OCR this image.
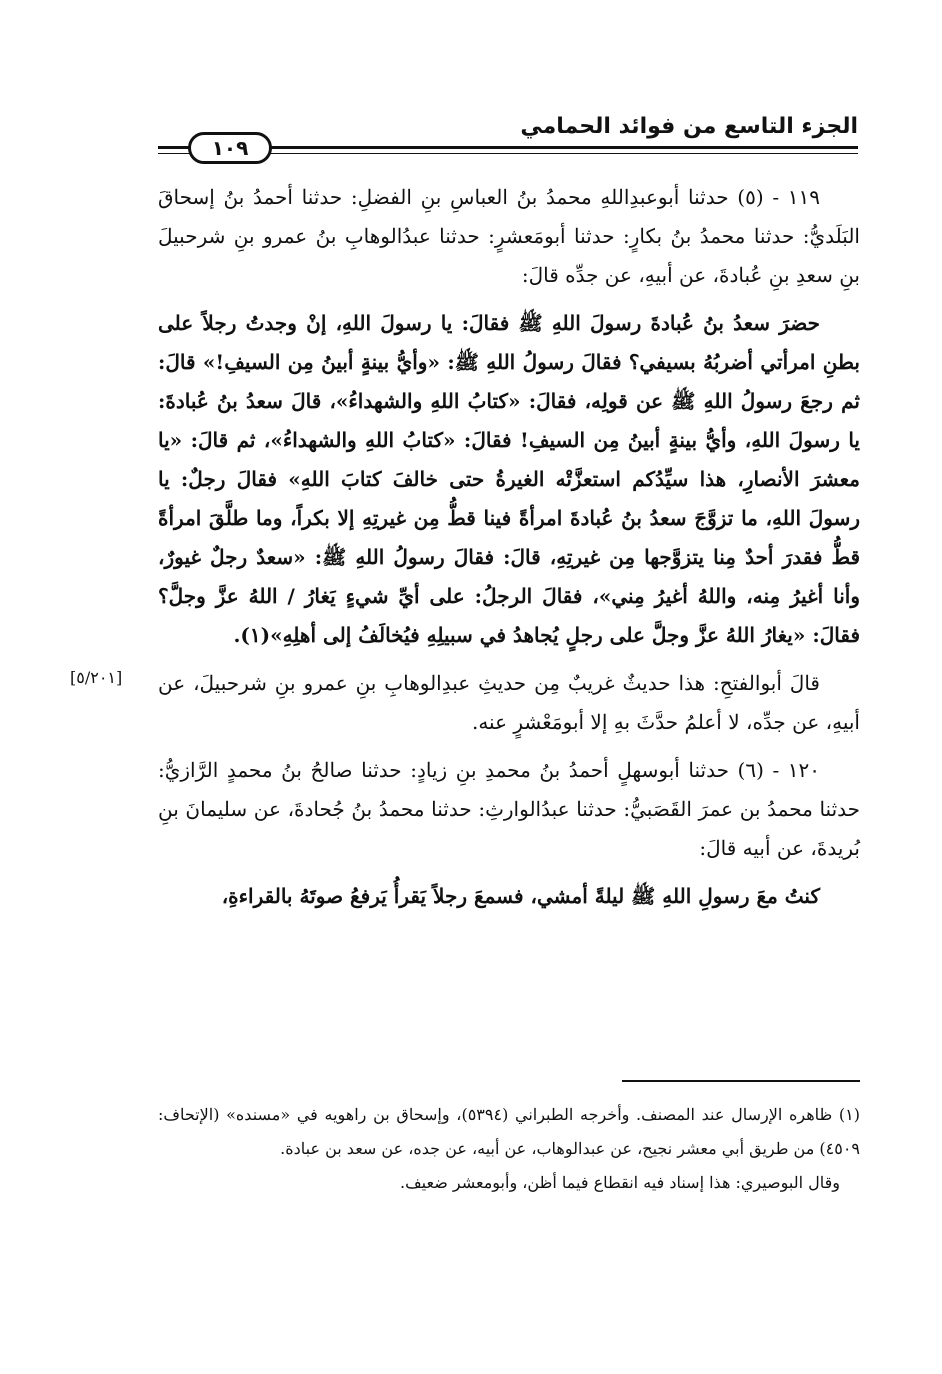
الجزء التاسع من فوائد الحمامي
١٠٩
[٥/٢٠١]

١١٩ - (٥) حدثنا أبوعبدِاللهِ محمدُ بنُ العباسِ بنِ الفضلِ: حدثنا أحمدُ بنُ إسحاقَ البَلَديُّ: حدثنا محمدُ بنُ بكارٍ: حدثنا أبومَعشرٍ: حدثنا عبدُالوهابِ بنُ عمرو بنِ شرحبيلَ بنِ سعدِ بنِ عُبادةَ، عن أبيهِ، عن جدِّه قالَ:

حضرَ سعدُ بنُ عُبادةَ رسولَ اللهِ ﷺ فقالَ: يا رسولَ اللهِ، إنْ وجدتُ رجلاً على بطنِ امرأتي أضربُهُ بسيفي؟ فقالَ رسولُ اللهِ ﷺ: «وأيُّ بينةٍ أبينُ مِن السيفِ!» قالَ: ثم رجعَ رسولُ اللهِ ﷺ عن قولِه، فقالَ: «كتابُ اللهِ والشهداءُ»، قالَ سعدُ بنُ عُبادةَ: يا رسولَ اللهِ، وأيُّ بينةٍ أبينُ مِن السيفِ! فقالَ: «كتابُ اللهِ والشهداءُ»، ثم قالَ: «يا معشرَ الأنصارِ، هذا سيِّدُكم استعزَّتْه الغيرةُ حتى خالفَ كتابَ اللهِ» فقالَ رجلٌ: يا رسولَ اللهِ، ما تزوَّجَ سعدُ بنُ عُبادةَ امرأةً فينا قطُّ مِن غيرتِهِ إلا بكراً، وما طلَّقَ امرأةً قطُّ فقدرَ أحدٌ مِنا يتزوَّجها مِن غيرتِهِ، قالَ: فقالَ رسولُ اللهِ ﷺ: «سعدٌ رجلٌ غيورٌ، وأنا أغيرُ مِنه، واللهُ أغيرُ مِني»، فقالَ الرجلُ: على أيِّ شيءٍ يَغارُ / اللهُ عزَّ وجلَّ؟ فقالَ: «يغارُ اللهُ عزَّ وجلَّ على رجلٍ يُجاهدُ في سبيلِهِ فيُخالَفُ إلى أهلِهِ»(١).

قالَ أبوالفتحِ: هذا حديثٌ غريبٌ مِن حديثِ عبدِالوهابِ بنِ عمرو بنِ شرحبيلَ، عن أبيهِ، عن جدِّه، لا أعلمُ حدَّثَ بهِ إلا أبومَعْشرٍ عنه.

١٢٠ - (٦) حدثنا أبوسهلٍ أحمدُ بنُ محمدِ بنِ زيادٍ: حدثنا صالحُ بنُ محمدٍ الرَّازيُّ: حدثنا محمدُ بن عمرَ القَصَبيُّ: حدثنا عبدُالوارثِ: حدثنا محمدُ بنُ جُحادةَ، عن سليمانَ بنِ بُريدةَ، عن أبيه قالَ:

كنتُ معَ رسولِ اللهِ ﷺ ليلةً أمشي، فسمعَ رجلاً يَقرأُ يَرفعُ صوتَهُ بالقراءةِ،

(١) ظاهره الإرسال عند المصنف. وأخرجه الطبراني (٥٣٩٤)، وإسحاق بن راهويه في «مسنده» (الإتحاف: ٤٥٠٩) من طريق أبي معشر نجيح، عن عبدالوهاب، عن أبيه، عن جده، عن سعد بن عبادة.

وقال البوصيري: هذا إسناد فيه انقطاع فيما أظن، وأبومعشر ضعيف.
